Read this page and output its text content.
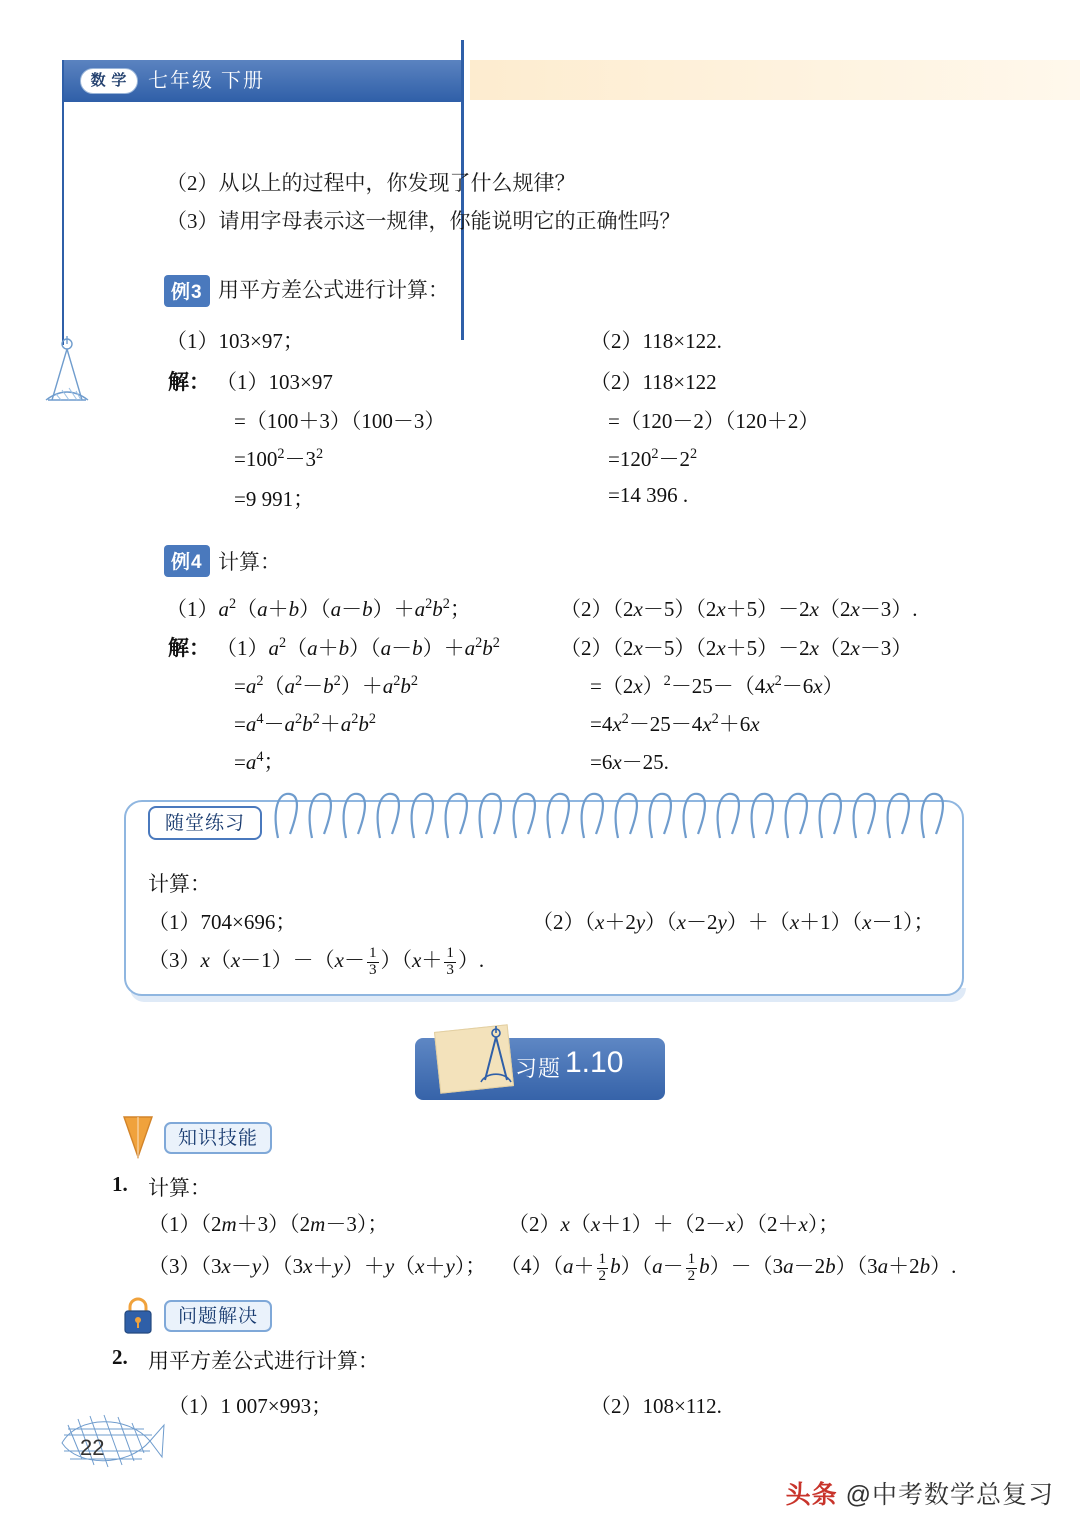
数 学	七年级 下册
（2）从以上的过程中，你发现了什么规律？
（3）请用字母表示这一规律，你能说明它的正确性吗？
例3 用平方差公式进行计算：
（1）103×97；	（2）118×122.
解： （1）103×97
=（100＋3）（100－3）
$=100^2-3^2$
=9 991；
（2）118×122
=（120－2）（120＋2）
$=120^2-2^2$
=14 396 .
例4 计算：
$(1)a^2(a+b)(a-b)+a^2b^2$；	（2）（2x－5）（2x＋5）－2x（2x－3）.
解： $(1)a^2(a+b)(a-b)+a^2b^2$
$=a^2(a^2-b^2)+a^2b^2$
$=a^4-a^2b^2+a^2b^2$
$=a^4$；
（2）（2x－5）（2x＋5）－2x（2x－3）
$=(2x)^2-25-(4x^2-6x)$
$=4x^2-25-4x^2+6x$
=6x－25.
随堂练习
计算：
（1）704×696；	（2）（x＋2y）（x－2y）＋（x＋1）（x－1）；
$(3)x(x-1)-(x- \frac{1}{3} )(x+ \frac{1}{3}$ ）.
习题 1.10
知识技能
1. 计算：
（1）（2m＋3）（2m－3）；	（2）x（x＋1）＋（2－x）（2＋x）；
（3）（3x－y）（3x＋y）＋y（x＋y）； $(4)(a+ \frac{1}{2} b)(a- \frac{1}{2} b)-(3a-2b)(3a+2b)$.
问题解决
2. 用平方差公式进行计算：
（1）1 007×993；	（2）108×112.
22
头条 @中考数学总复习
